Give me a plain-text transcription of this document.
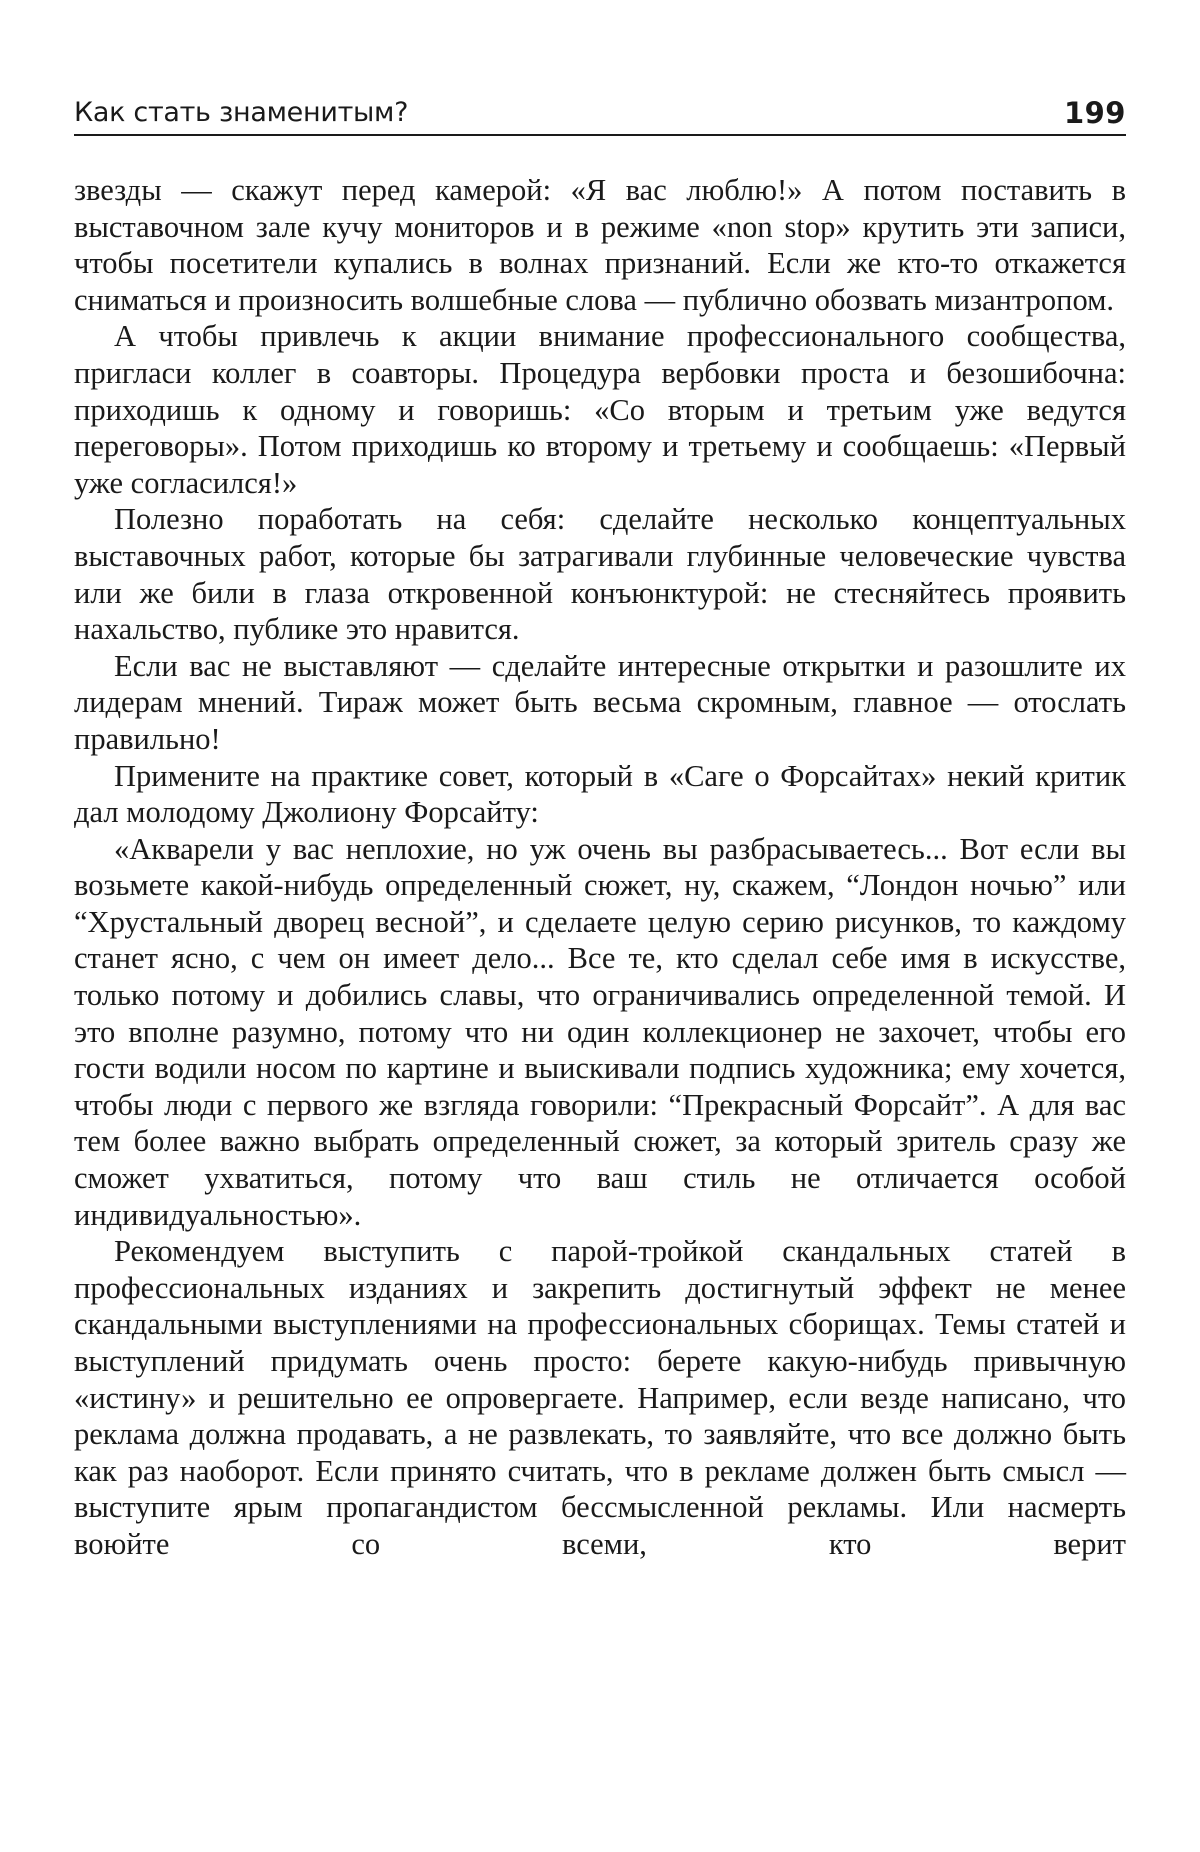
Как стать знаменитым?	199

звезды — скажут перед камерой: «Я вас люблю!» А потом поставить в выставочном зале кучу мониторов и в режиме «non stop» крутить эти записи, чтобы посетители купались в волнах признаний. Если же кто-то откажется сниматься и произносить волшебные слова — публично обозвать мизантропом.

А чтобы привлечь к акции внимание профессионального сообщества, пригласи коллег в соавторы. Процедура вербовки проста и безошибочна: приходишь к одному и говоришь: «Со вторым и третьим уже ведутся переговоры». Потом приходишь ко второму и третьему и сообщаешь: «Первый уже согласился!»

Полезно поработать на себя: сделайте несколько концептуальных выставочных работ, которые бы затрагивали глубинные человеческие чувства или же били в глаза откровенной конъюнктурой: не стесняйтесь проявить нахальство, публике это нравится.

Если вас не выставляют — сделайте интересные открытки и разошлите их лидерам мнений. Тираж может быть весьма скромным, главное — отослать правильно!

Примените на практике совет, который в «Саге о Форсайтах» некий критик дал молодому Джолиону Форсайту:

«Акварели у вас неплохие, но уж очень вы разбрасываетесь... Вот если вы возьмете какой-нибудь определенный сюжет, ну, скажем, “Лондон ночью” или “Хрустальный дворец весной”, и сделаете целую серию рисунков, то каждому станет ясно, с чем он имеет дело... Все те, кто сделал себе имя в искусстве, только потому и добились славы, что ограничивались определенной темой. И это вполне разумно, потому что ни один коллекционер не захочет, чтобы его гости водили носом по картине и выискивали подпись художника; ему хочется, чтобы люди с первого же взгляда говорили: “Прекрасный Форсайт”. А для вас тем более важно выбрать определенный сюжет, за который зритель сразу же сможет ухватиться, потому что ваш стиль не отличается особой индивидуальностью».

Рекомендуем выступить с парой-тройкой скандальных статей в профессиональных изданиях и закрепить достигнутый эффект не менее скандальными выступлениями на профессиональных сборищах. Темы статей и выступлений придумать очень просто: берете какую-нибудь привычную «истину» и решительно ее опровергаете. Например, если везде написано, что реклама должна продавать, а не развлекать, то заявляйте, что все должно быть как раз наоборот. Если принято считать, что в рекламе должен быть смысл — выступите ярым пропагандистом бессмысленной рекламы. Или насмерть воюйте со всеми, кто верит
